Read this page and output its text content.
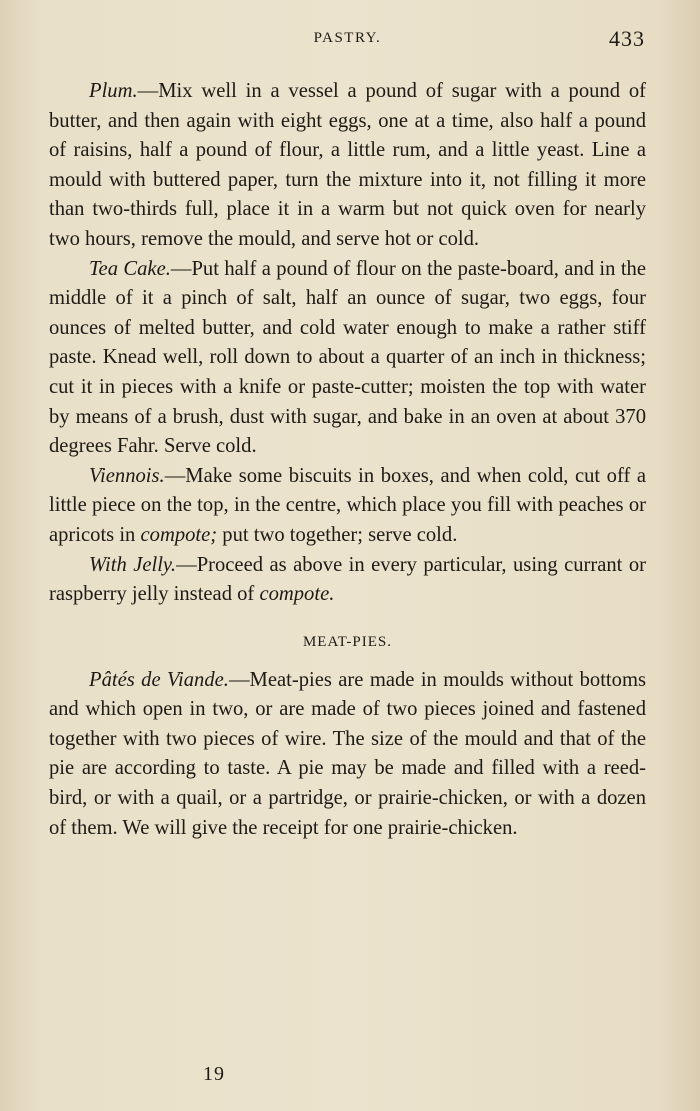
PASTRY.	433

Plum.—Mix well in a vessel a pound of sugar with a pound of butter, and then again with eight eggs, one at a time, also half a pound of raisins, half a pound of flour, a little rum, and a little yeast. Line a mould with buttered paper, turn the mixture into it, not filling it more than two-thirds full, place it in a warm but not quick oven for nearly two hours, remove the mould, and serve hot or cold.

Tea Cake.—Put half a pound of flour on the paste-board, and in the middle of it a pinch of salt, half an ounce of sugar, two eggs, four ounces of melted butter, and cold water enough to make a rather stiff paste. Knead well, roll down to about a quarter of an inch in thickness; cut it in pieces with a knife or paste-cutter; moisten the top with water by means of a brush, dust with sugar, and bake in an oven at about 370 degrees Fahr. Serve cold.

Viennois.—Make some biscuits in boxes, and when cold, cut off a little piece on the top, in the centre, which place you fill with peaches or apricots in compote; put two together; serve cold.

With Jelly.—Proceed as above in every particular, using currant or raspberry jelly instead of compote.

MEAT-PIES.

Pâtés de Viande.—Meat-pies are made in moulds without bottoms and which open in two, or are made of two pieces joined and fastened together with two pieces of wire. The size of the mould and that of the pie are according to taste. A pie may be made and filled with a reed-bird, or with a quail, or a partridge, or prairie-chicken, or with a dozen of them. We will give the receipt for one prairie-chicken.

19
